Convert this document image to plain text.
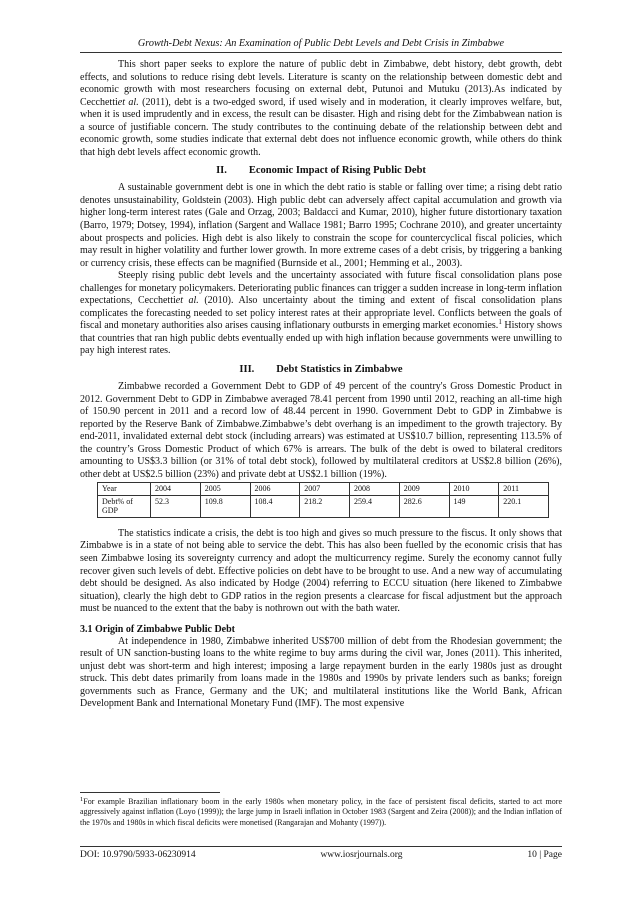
Growth-Debt Nexus: An Examination of Public Debt Levels and Debt Crisis in Zimbabwe

This short paper seeks to explore the nature of public debt in Zimbabwe, debt history, debt growth, debt effects, and solutions to reduce rising debt levels. Literature is scanty on the relationship between domestic debt and economic growth with most researchers focusing on external debt, Putunoi and Mutuku (2013).As indicated by Cecchettiet al. (2011), debt is a two-edged sword, if used wisely and in moderation, it clearly improves welfare, but, when it is used imprudently and in excess, the result can be disaster. High and rising debt for the Zimbabwean nation is a source of justifiable concern. The study contributes to the continuing debate of the relationship between debt and economic growth, some studies indicate that external debt does not influence economic growth, while others do think that high debt levels affect economic growth.

II. Economic Impact of Rising Public Debt

A sustainable government debt is one in which the debt ratio is stable or falling over time; a rising debt ratio denotes unsustainability, Goldstein (2003). High public debt can adversely affect capital accumulation and growth via higher long-term interest rates (Gale and Orzag, 2003; Baldacci and Kumar, 2010), higher future distortionary taxation (Barro, 1979; Dotsey, 1994), inflation (Sargent and Wallace 1981; Barro 1995; Cochrane 2010), and greater uncertainty about prospects and policies. High debt is also likely to constrain the scope for countercyclical fiscal policies, which may result in higher volatility and further lower growth. In more extreme cases of a debt crisis, by triggering a banking or currency crisis, these effects can be magnified (Burnside et al., 2001; Hemming et al., 2003).

Steeply rising public debt levels and the uncertainty associated with future fiscal consolidation plans pose challenges for monetary policymakers. Deteriorating public finances can trigger a sudden increase in long-term inflation expectations, Cecchettiet al. (2010). Also uncertainty about the timing and extent of fiscal consolidation plans complicates the forecasting needed to set policy interest rates at their appropriate level. Conflicts between the goals of fiscal and monetary authorities also arises causing inflationary outbursts in emerging market economies.$^1$ History shows that countries that ran high public debts eventually ended up with high inflation because governments were unwilling to pay high interest rates.

III. Debt Statistics in Zimbabwe

Zimbabwe recorded a Government Debt to GDP of 49 percent of the country's Gross Domestic Product in 2012. Government Debt to GDP in Zimbabwe averaged 78.41 percent from 1990 until 2012, reaching an all-time high of 150.90 percent in 2011 and a record low of 48.44 percent in 1990. Government Debt to GDP in Zimbabwe is reported by the Reserve Bank of Zimbabwe.Zimbabwe’s debt overhang is an impediment to the growth trajectory. By end-2011, invalidated external debt stock (including arrears) was estimated at US$10.7 billion, representing 113.5% of the country’s Gross Domestic Product of which 67% is arrears. The bulk of the debt is owed to bilateral creditors amounting to US$3.3 billion (or 31% of total debt stock), followed by multilateral creditors at US$2.8 billion (26%), other debt at US$2.5 billion (23%) and private debt at US$2.1 billion (19%).

Year	2004	2005	2006	2007	2008	2009	2010	2011
Debt% of GDP	52.3	109.8	108.4	218.2	259.4	282.6	149	220.1

The statistics indicate a crisis, the debt is too high and gives so much pressure to the fiscus. It only shows that Zimbabwe is in a state of not being able to service the debt. This has also been fuelled by the economic crisis that has seen Zimbabwe losing its sovereignty currency and adopt the multicurrency regime. Surely the economy cannot fully recover given such levels of debt. Effective policies on debt have to be brought to use. And a new way of accumulating debt should be designed. As also indicated by Hodge (2004) referring to ECCU situation (here likened to Zimbabwe situation), clearly the high debt to GDP ratios in the region presents a clearcase for fiscal adjustment but the approach must be nuanced to the extent that the baby is nothrown out with the bath water.

3.1 Origin of Zimbabwe Public Debt

At independence in 1980, Zimbabwe inherited US$700 million of debt from the Rhodesian government; the result of UN sanction-busting loans to the white regime to buy arms during the civil war, Jones (2011). This inherited, unjust debt was short-term and high interest; imposing a large repayment burden in the early 1980s just as drought struck. This debt dates primarily from loans made in the 1980s and 1990s by private lenders such as banks; foreign governments such as France, Germany and the UK; and multilateral institutions like the World Bank, African Development Bank and International Monetary Fund (IMF). The most expensive

$^1$For example Brazilian inflationary boom in the early 1980s when monetary policy, in the face of persistent fiscal deficits, started to act more aggressively against inflation (Loyo (1999)); the large jump in Israeli inflation in October 1983 (Sargent and Zeira (2008)); and the Indian inflation of the 1970s and 1980s in which fiscal deficits were monetised (Rangarajan and Mohanty (1997)).
DOI: 10.9790/5933-06230914	www.iosrjournals.org	10 | Page
